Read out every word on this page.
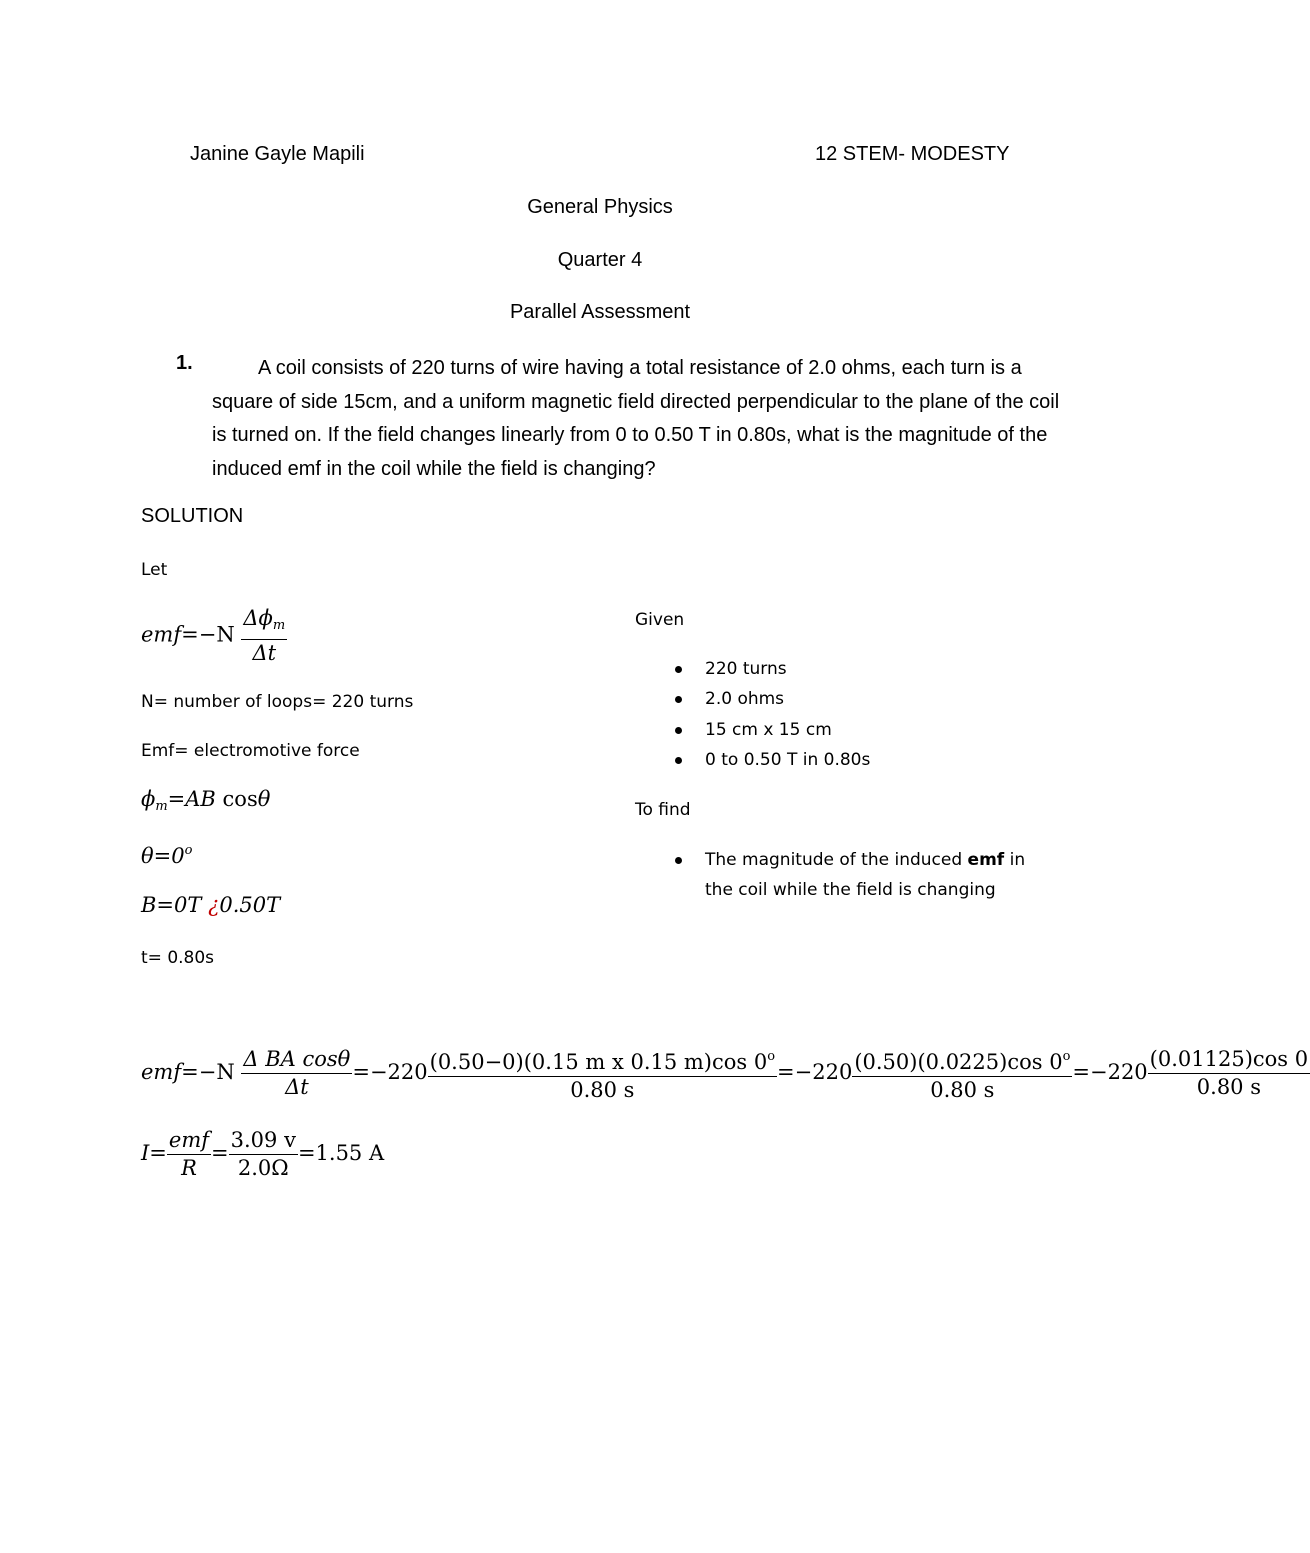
Janine Gayle Mapili	12 STEM- MODESTY
General Physics
Quarter 4
Parallel Assessment
1.	A coil consists of 220 turns of wire having a total resistance of 2.0 ohms, each turn is a square of side 15cm, and a uniform magnetic field directed perpendicular to the plane of the coil is turned on. If the field changes linearly from 0 to 0.50 T in 0.80s, what is the magnitude of the induced emf in the coil while the field is changing?
SOLUTION
Let
$emf=-N \frac{\Delta\phi_m}{\Delta t}$
N= number of loops= 220 turns
Emf= electromotive force
$\phi_m=AB$ cosθ
$\theta=0^o$
B=0T ¿0.50T
t= 0.80s
Given
220 turns
2.0 ohms
15 cm x 15 cm
0 to 0.50 T in 0.80s
To find
The magnitude of the induced emf in
the coil while the field is changing
$emf=-N \frac{\text{Δ BA cosθ}}{\Delta t} =-220 \frac{(0.50-0)(0.15 m x 0.15 m)\cos 0^o}{0.80 s} =-220 \frac{(0.50)(0.0225)\cos 0^o}{0.80 s} =-220 \frac{(0.01125)\cos 0}{0.80 s}$
$I= \frac{\text{emf}}{R} = \frac{3.09 v}{2.0\Omega} =1.55$ A
